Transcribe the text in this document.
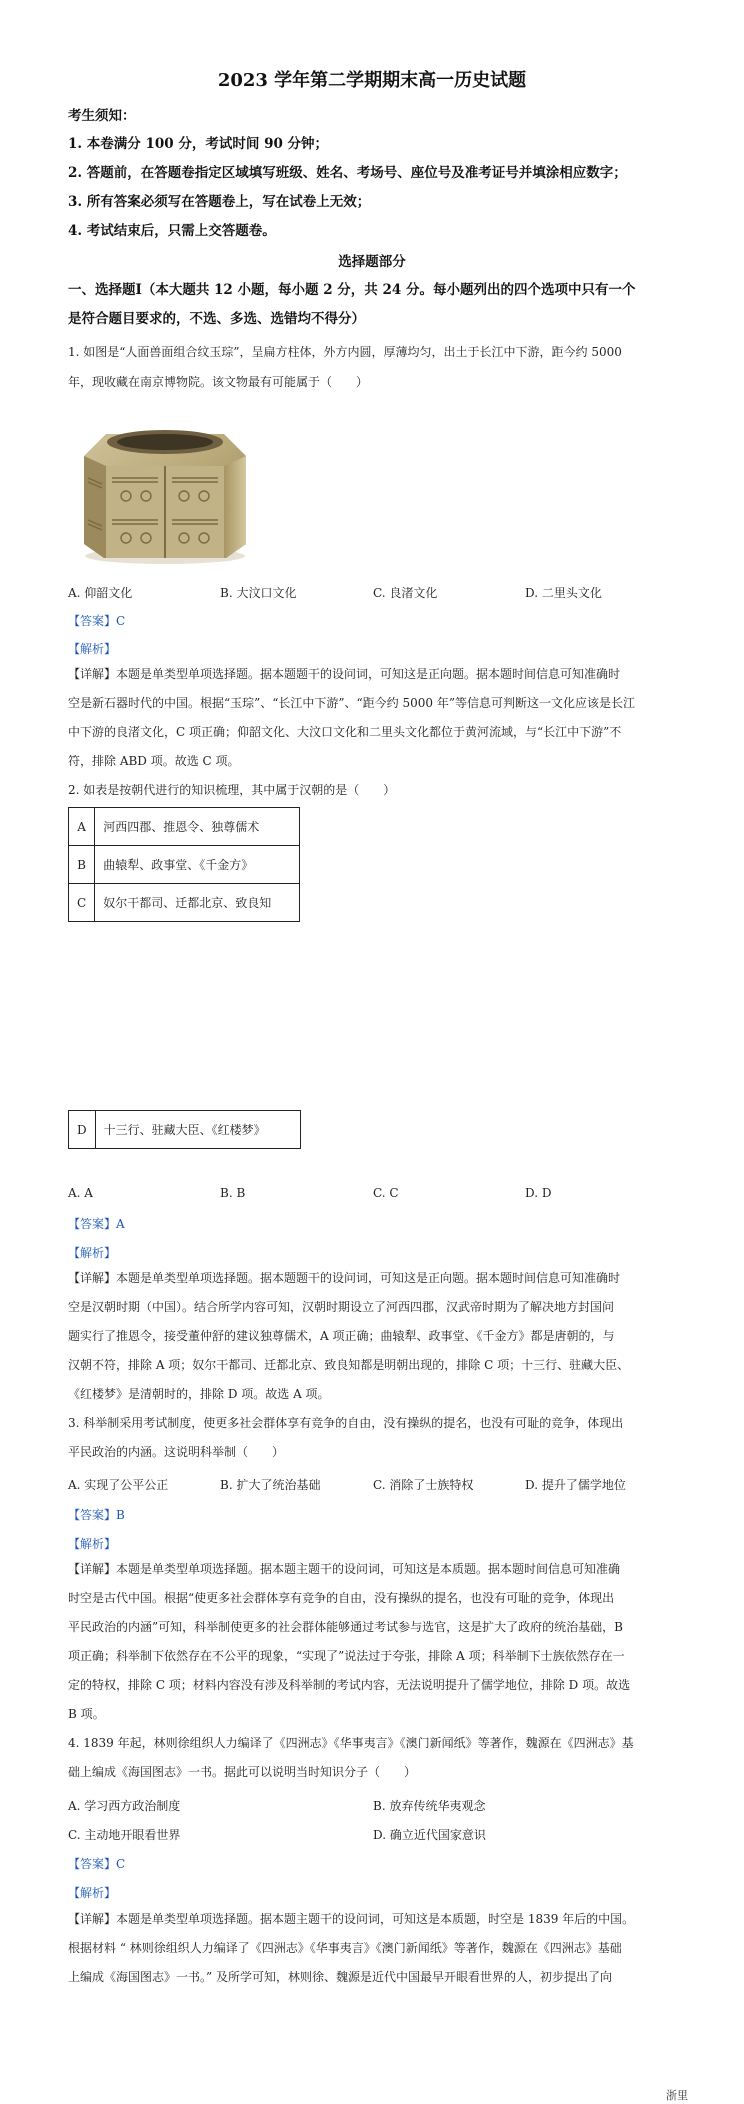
2023 学年第二学期期末高一历史试题
考生须知：
1. 本卷满分 100 分，考试时间 90 分钟；
2. 答题前，在答题卷指定区域填写班级、姓名、考场号、座位号及准考证号并填涂相应数字；
3. 所有答案必须写在答题卷上，写在试卷上无效；
4. 考试结束后，只需上交答题卷。
选择题部分
一、选择题Ⅰ（本大题共 12 小题，每小题 2 分，共 24 分。每小题列出的四个选项中只有一个
是符合题目要求的，不选、多选、选错均不得分）
1. 如图是“人面兽面组合纹玉琮”，呈扁方柱体，外方内圆，厚薄均匀，出土于长江中下游，距今约 5000
年，现收藏在南京博物院。该文物最有可能属于（　　）
A. 仰韶文化	B. 大汶口文化	C. 良渚文化	D. 二里头文化
【答案】C
【解析】
【详解】本题是单类型单项选择题。据本题题干的设问词，可知这是正向题。据本题时间信息可知准确时
空是新石器时代的中国。根据“玉琮”、“长江中下游”、“距今约 5000 年”等信息可判断这一文化应该是长江
中下游的良渚文化，C 项正确；仰韶文化、大汶口文化和二里头文化都位于黄河流域，与“长江中下游”不
符，排除 ABD 项。故选 C 项。
2. 如表是按朝代进行的知识梳理，其中属于汉朝的是（　　）
A	河西四郡、推恩令、独尊儒术
B	曲辕犁、政事堂、《千金方》
C	奴尔干都司、迁都北京、致良知
D	十三行、驻藏大臣、《红楼梦》
A. A	B. B	C. C	D. D
【答案】A
【解析】
【详解】本题是单类型单项选择题。据本题题干的设问词，可知这是正向题。据本题时间信息可知准确时
空是汉朝时期（中国）。结合所学内容可知，汉朝时期设立了河西四郡，汉武帝时期为了解决地方封国问
题实行了推恩令，接受董仲舒的建议独尊儒术，A 项正确；曲辕犁、政事堂、《千金方》都是唐朝的，与
汉朝不符，排除 A 项；奴尔干都司、迁都北京、致良知都是明朝出现的，排除 C 项；十三行、驻藏大臣、
《红楼梦》是清朝时的，排除 D 项。故选 A 项。
3. 科举制采用考试制度，使更多社会群体享有竞争的自由，没有操纵的提名，也没有可耻的竞争，体现出
平民政治的内涵。这说明科举制（　　）
A. 实现了公平公正	B. 扩大了统治基础	C. 消除了士族特权	D. 提升了儒学地位
【答案】B
【解析】
【详解】本题是单类型单项选择题。据本题主题干的设问词，可知这是本质题。据本题时间信息可知准确
时空是古代中国。根据“使更多社会群体享有竞争的自由，没有操纵的提名，也没有可耻的竞争，体现出
平民政治的内涵”可知，科举制使更多的社会群体能够通过考试参与选官，这是扩大了政府的统治基础，B
项正确；科举制下依然存在不公平的现象，“实现了”说法过于夸张，排除 A 项；科举制下士族依然存在一
定的特权，排除 C 项；材料内容没有涉及科举制的考试内容，无法说明提升了儒学地位，排除 D 项。故选
B 项。
4. 1839 年起，林则徐组织人力编译了《四洲志》《华事夷言》《澳门新闻纸》等著作，魏源在《四洲志》基
础上编成《海国图志》一书。据此可以说明当时知识分子（　　）
A. 学习西方政治制度	B. 放弃传统华夷观念
C. 主动地开眼看世界	D. 确立近代国家意识
【答案】C
【解析】
【详解】本题是单类型单项选择题。据本题主题干的设问词，可知这是本质题，时空是 1839 年后的中国。
根据材料 “ 林则徐组织人力编译了《四洲志》《华事夷言》《澳门新闻纸》等著作，魏源在《四洲志》基础
上编成《海国图志》一书。” 及所学可知，林则徐、魏源是近代中国最早开眼看世界的人，初步提出了向
浙里
